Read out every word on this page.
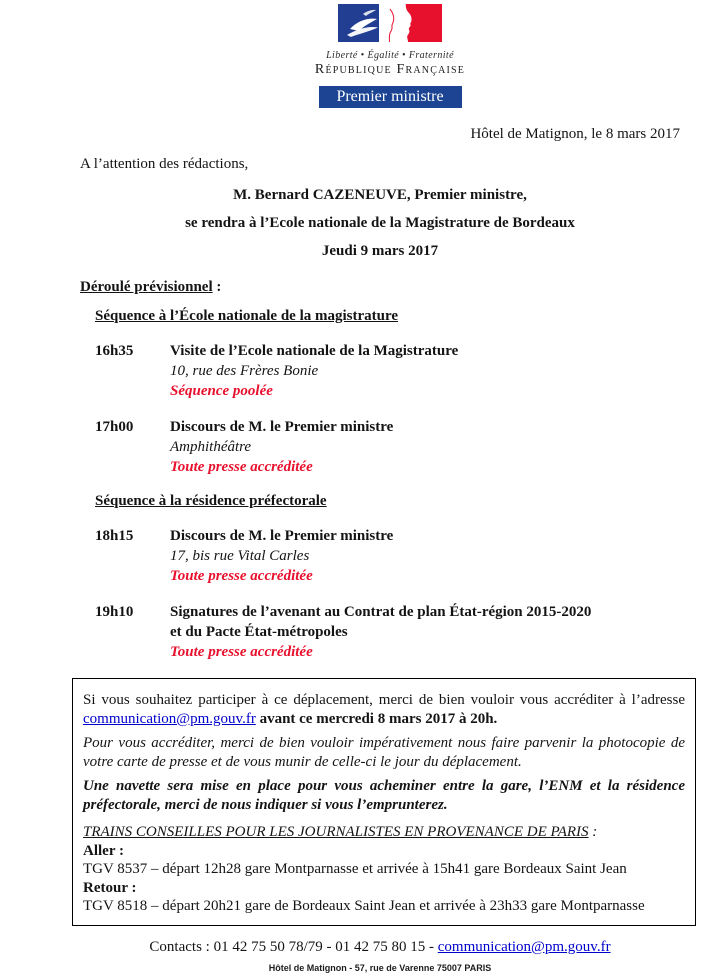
Liberté • Égalité • Fraternité
République Française
Premier ministre
Hôtel de Matignon, le 8 mars 2017
A l’attention des rédactions,
M. Bernard CAZENEUVE, Premier ministre,
se rendra à l’Ecole nationale de la Magistrature de Bordeaux
Jeudi 9 mars 2017
Déroulé prévisionnel :
Séquence à l’École nationale de la magistrature
16h35	Visite de l’Ecole nationale de la Magistrature
10, rue des Frères Bonie
Séquence poolée
17h00	Discours de M. le Premier ministre
Amphithéâtre
Toute presse accréditée
Séquence à la résidence préfectorale
18h15	Discours de M. le Premier ministre
17, bis rue Vital Carles
Toute presse accréditée
19h10	Signatures de l’avenant au Contrat de plan État-région 2015-2020
et du Pacte État-métropoles
Toute presse accréditée

Si vous souhaitez participer à ce déplacement, merci de bien vouloir vous accréditer à l’adresse communication@pm.gouv.fr avant ce mercredi 8 mars 2017 à 20h.

Pour vous accréditer, merci de bien vouloir impérativement nous faire parvenir la photocopie de votre carte de presse et de vous munir de celle-ci le jour du déplacement.

Une navette sera mise en place pour vous acheminer entre la gare, l’ENM et la résidence préfectorale, merci de nous indiquer si vous l’emprunterez.

TRAINS CONSEILLES POUR LES JOURNALISTES EN PROVENANCE DE PARIS :
Aller :
TGV 8537 – départ 12h28 gare Montparnasse et arrivée à 15h41 gare Bordeaux Saint Jean
Retour :
TGV 8518 – départ 20h21 gare de Bordeaux Saint Jean et arrivée à 23h33 gare Montparnasse
Contacts : 01 42 75 50 78/79 - 01 42 75 80 15 - communication@pm.gouv.fr
Hôtel de Matignon - 57, rue de Varenne 75007 PARIS
